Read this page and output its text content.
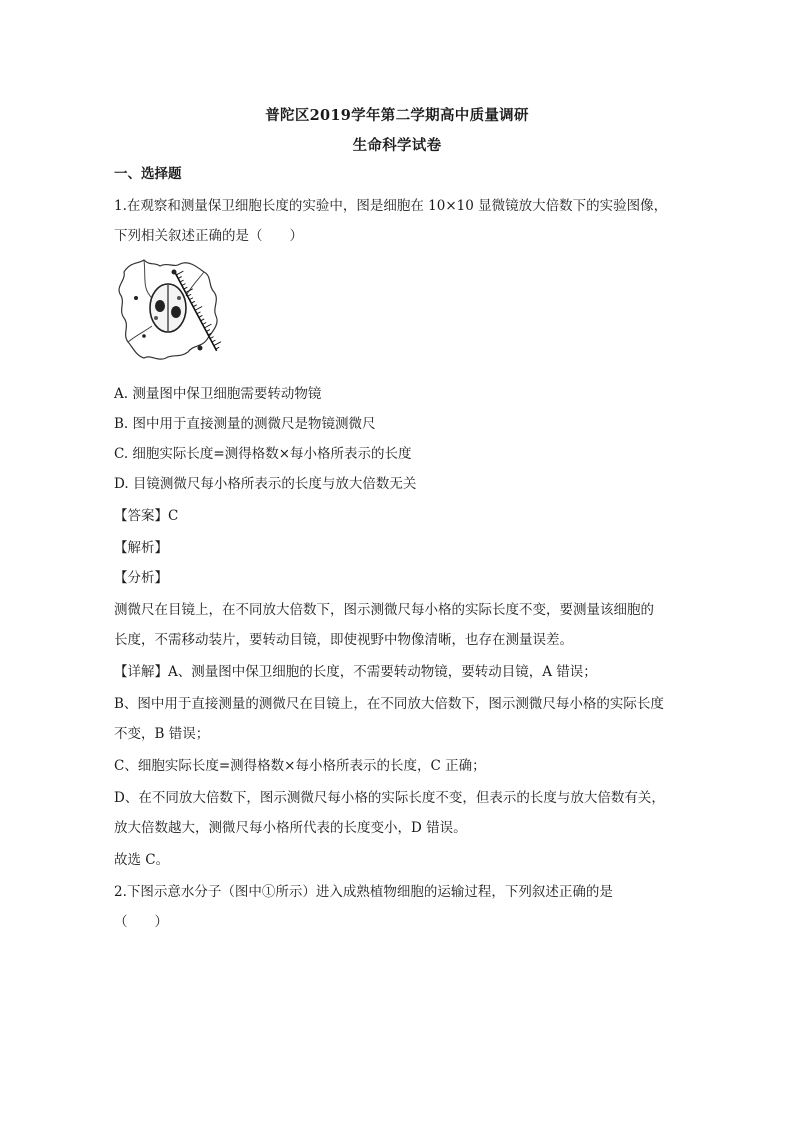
普陀区2019学年第二学期高中质量调研
生命科学试卷
一、选择题
1.在观察和测量保卫细胞长度的实验中，图是细胞在 10×10 显微镜放大倍数下的实验图像，
下列相关叙述正确的是（　　）
A. 测量图中保卫细胞需要转动物镜
B. 图中用于直接测量的测微尺是物镜测微尺
C. 细胞实际长度=测得格数×每小格所表示的长度
D. 目镜测微尺每小格所表示的长度与放大倍数无关
【答案】C
【解析】
【分析】
测微尺在目镜上，在不同放大倍数下，图示测微尺每小格的实际长度不变，要测量该细胞的
长度，不需移动装片，要转动目镜，即使视野中物像清晰，也存在测量误差。
【详解】A、测量图中保卫细胞的长度，不需要转动物镜，要转动目镜，A 错误；
B、图中用于直接测量的测微尺在目镜上，在不同放大倍数下，图示测微尺每小格的实际长度
不变，B 错误；
C、细胞实际长度=测得格数×每小格所表示的长度，C 正确；
D、在不同放大倍数下，图示测微尺每小格的实际长度不变，但表示的长度与放大倍数有关，
放大倍数越大，测微尺每小格所代表的长度变小，D 错误。
故选 C。
2.下图示意水分子（图中①所示）进入成熟植物细胞的运输过程，下列叙述正确的是
（　　）
